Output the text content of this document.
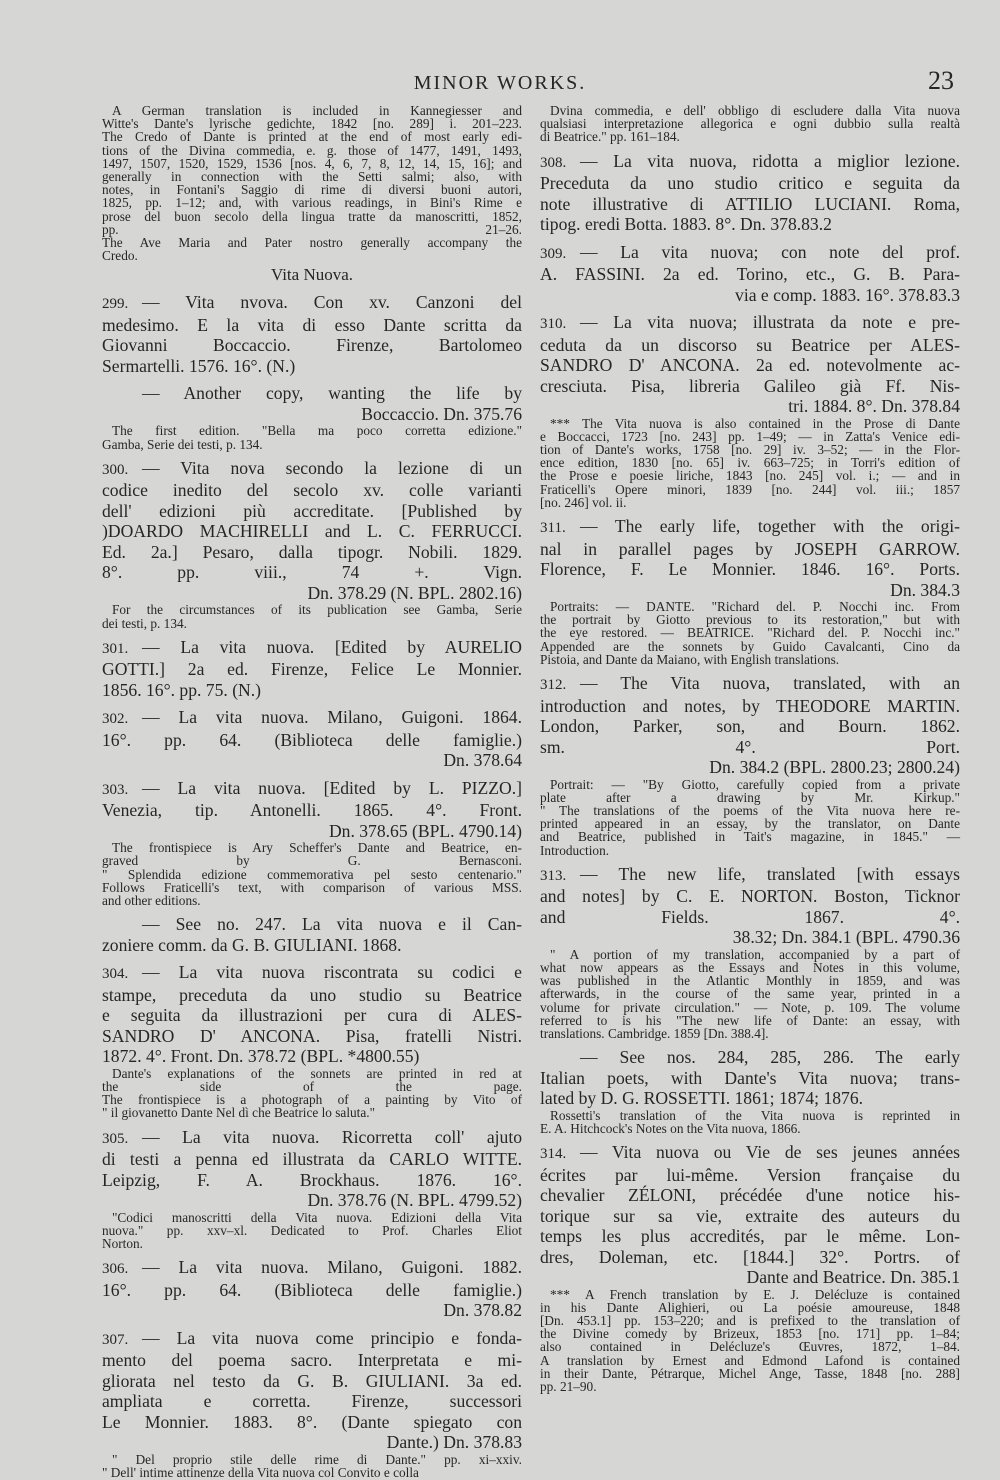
MINOR WORKS.	23
A German translation is included in Kannegiesser and
Witte's Dante's lyrische gedichte, 1842 [no. 289] i. 201–223.
The Credo of Dante is printed at the end of most early edi-
tions of the Divina commedia, e. g. those of 1477, 1491, 1493,
1497, 1507, 1520, 1529, 1536 [nos. 4, 6, 7, 8, 12, 14, 15, 16]; and
generally in connection with the Setti salmi; also, with
notes, in Fontani's Saggio di rime di diversi buoni autori,
1825, pp. 1–12; and, with various readings, in Bini's Rime e
prose del buon secolo della lingua tratte da manoscritti, 1852,
pp. 21–26.
The Ave Maria and Pater nostro generally accompany the
Credo.
Vita Nuova.
299. — Vita nvova. Con xv. Canzoni del
medesimo. E la vita di esso Dante scritta da
Giovanni Boccaccio. Firenze, Bartolomeo
Sermartelli. 1576. 16°. (N.)
— Another copy, wanting the life by
Boccaccio. Dn. 375.76
The first edition. "Bella ma poco corretta edizione."
Gamba, Serie dei testi, p. 134.
300. — Vita nova secondo la lezione di un
codice inedito del secolo xv. colle varianti
dell' edizioni più accreditate. [Published by
)DOARDO MACHIRELLI and L. C. FERRUCCI.
Ed. 2a.] Pesaro, dalla tipogr. Nobili. 1829.
8°. pp. viii., 74 +. Vign.
Dn. 378.29 (N. BPL. 2802.16)
For the circumstances of its publication see Gamba, Serie
dei testi, p. 134.
301. — La vita nuova. [Edited by AURELIO
GOTTI.] 2a ed. Firenze, Felice Le Monnier.
1856. 16°. pp. 75. (N.)
302. — La vita nuova. Milano, Guigoni. 1864.
16°. pp. 64. (Biblioteca delle famiglie.)
Dn. 378.64
303. — La vita nuova. [Edited by L. PIZZO.]
Venezia, tip. Antonelli. 1865. 4°. Front.
Dn. 378.65 (BPL. 4790.14)
The frontispiece is Ary Scheffer's Dante and Beatrice, en-
graved by G. Bernasconi.
" Splendida edizione commemorativa pel sesto centenario."
Follows Fraticelli's text, with comparison of various MSS.
and other editions.
— See no. 247. La vita nuova e il Can-
zoniere comm. da G. B. GIULIANI. 1868.
304. — La vita nuova riscontrata su codici e
stampe, preceduta da uno studio su Beatrice
e seguita da illustrazioni per cura di ALES-
SANDRO D' ANCONA. Pisa, fratelli Nistri.
1872. 4°. Front. Dn. 378.72 (BPL. *4800.55)
Dante's explanations of the sonnets are printed in red at
the side of the page.
The frontispiece is a photograph of a painting by Vito of
" il giovanetto Dante Nel dì che Beatrice lo saluta."
305. — La vita nuova. Ricorretta coll' ajuto
di testi a penna ed illustrata da CARLO WITTE.
Leipzig, F. A. Brockhaus. 1876. 16°.
Dn. 378.76 (N. BPL. 4799.52)
"Codici manoscritti della Vita nuova. Edizioni della Vita
nuova." pp. xxv–xl. Dedicated to Prof. Charles Eliot
Norton.
306. — La vita nuova. Milano, Guigoni. 1882.
16°. pp. 64. (Biblioteca delle famiglie.)
Dn. 378.82
307. — La vita nuova come principio e fonda-
mento del poema sacro. Interpretata e mi-
gliorata nel testo da G. B. GIULIANI. 3a ed.
ampliata e corretta. Firenze, successori
Le Monnier. 1883. 8°. (Dante spiegato con
Dante.) Dn. 378.83
" Del proprio stile delle rime di Dante." pp. xi–xxiv.
" Dell' intime attinenze della Vita nuova col Convito e colla
Dvina commedia, e dell' obbligo di escludere dalla Vita nuova
qualsiasi interpretazione allegorica e ogni dubbio sulla realtà
di Beatrice." pp. 161–184.
308. — La vita nuova, ridotta a miglior lezione.
Preceduta da uno studio critico e seguita da
note illustrative di ATTILIO LUCIANI. Roma,
tipog. eredi Botta. 1883. 8°. Dn. 378.83.2
309. — La vita nuova; con note del prof.
A. FASSINI. 2a ed. Torino, etc., G. B. Para-
via e comp. 1883. 16°. 378.83.3
310. — La vita nuova; illustrata da note e pre-
ceduta da un discorso su Beatrice per ALES-
SANDRO D' ANCONA. 2a ed. notevolmente ac-
cresciuta. Pisa, libreria Galileo già Ff. Nis-
tri. 1884. 8°. Dn. 378.84
*** The Vita nuova is also contained in the Prose di Dante
e Boccacci, 1723 [no. 243] pp. 1–49; — in Zatta's Venice edi-
tion of Dante's works, 1758 [no. 29] iv. 3–52; — in the Flor-
ence edition, 1830 [no. 65] iv. 663–725; in Torri's edition of
the Prose e poesie liriche, 1843 [no. 245] vol. i.; — and in
Fraticelli's Opere minori, 1839 [no. 244] vol. iii.; 1857
[no. 246] vol. ii.
311. — The early life, together with the origi-
nal in parallel pages by JOSEPH GARROW.
Florence, F. Le Monnier. 1846. 16°. Ports.
Dn. 384.3
Portraits: — DANTE. "Richard del. P. Nocchi inc. From
the portrait by Giotto previous to its restoration," but with
the eye restored. — BEATRICE. "Richard del. P. Nocchi inc."
Appended are the sonnets by Guido Cavalcanti, Cino da
Pistoia, and Dante da Maiano, with English translations.
312. — The Vita nuova, translated, with an
introduction and notes, by THEODORE MARTIN.
London, Parker, son, and Bourn. 1862.
sm. 4°. Port.
Dn. 384.2 (BPL. 2800.23; 2800.24)
Portrait: — "By Giotto, carefully copied from a private
plate after a drawing by Mr. Kirkup."
" The translations of the poems of the Vita nuova here re-
printed appeared in an essay, by the translator, on Dante
and Beatrice, published in Tait's magazine, in 1845." —
Introduction.
313. — The new life, translated [with essays
and notes] by C. E. NORTON. Boston, Ticknor
and Fields. 1867. 4°.
38.32; Dn. 384.1 (BPL. 4790.36
" A portion of my translation, accompanied by a part of
what now appears as the Essays and Notes in this volume,
was published in the Atlantic Monthly in 1859, and was
afterwards, in the course of the same year, printed in a
volume for private circulation." — Note, p. 109. The volume
referred to is his "The new life of Dante: an essay, with
translations. Cambridge. 1859 [Dn. 388.4].
— See nos. 284, 285, 286. The early
Italian poets, with Dante's Vita nuova; trans-
lated by D. G. ROSSETTI. 1861; 1874; 1876.
Rossetti's translation of the Vita nuova is reprinted in
E. A. Hitchcock's Notes on the Vita nuova, 1866.
314. — Vita nuova ou Vie de ses jeunes années
écrites par lui-même. Version française du
chevalier ZÉLONI, précédée d'une notice his-
torique sur sa vie, extraite des auteurs du
temps les plus accredités, par le même. Lon-
dres, Doleman, etc. [1844.] 32°. Portrs. of
Dante and Beatrice. Dn. 385.1
*** A French translation by E. J. Delécluze is contained
in his Dante Alighieri, ou La poésie amoureuse, 1848
[Dn. 453.1] pp. 153–220; and is prefixed to the translation of
the Divine comedy by Brizeux, 1853 [no. 171] pp. 1–84;
also contained in Delécluze's Œuvres, 1872, 1–84.
A translation by Ernest and Edmond Lafond is contained
in their Dante, Pétrarque, Michel Ange, Tasse, 1848 [no. 288]
pp. 21–90.
